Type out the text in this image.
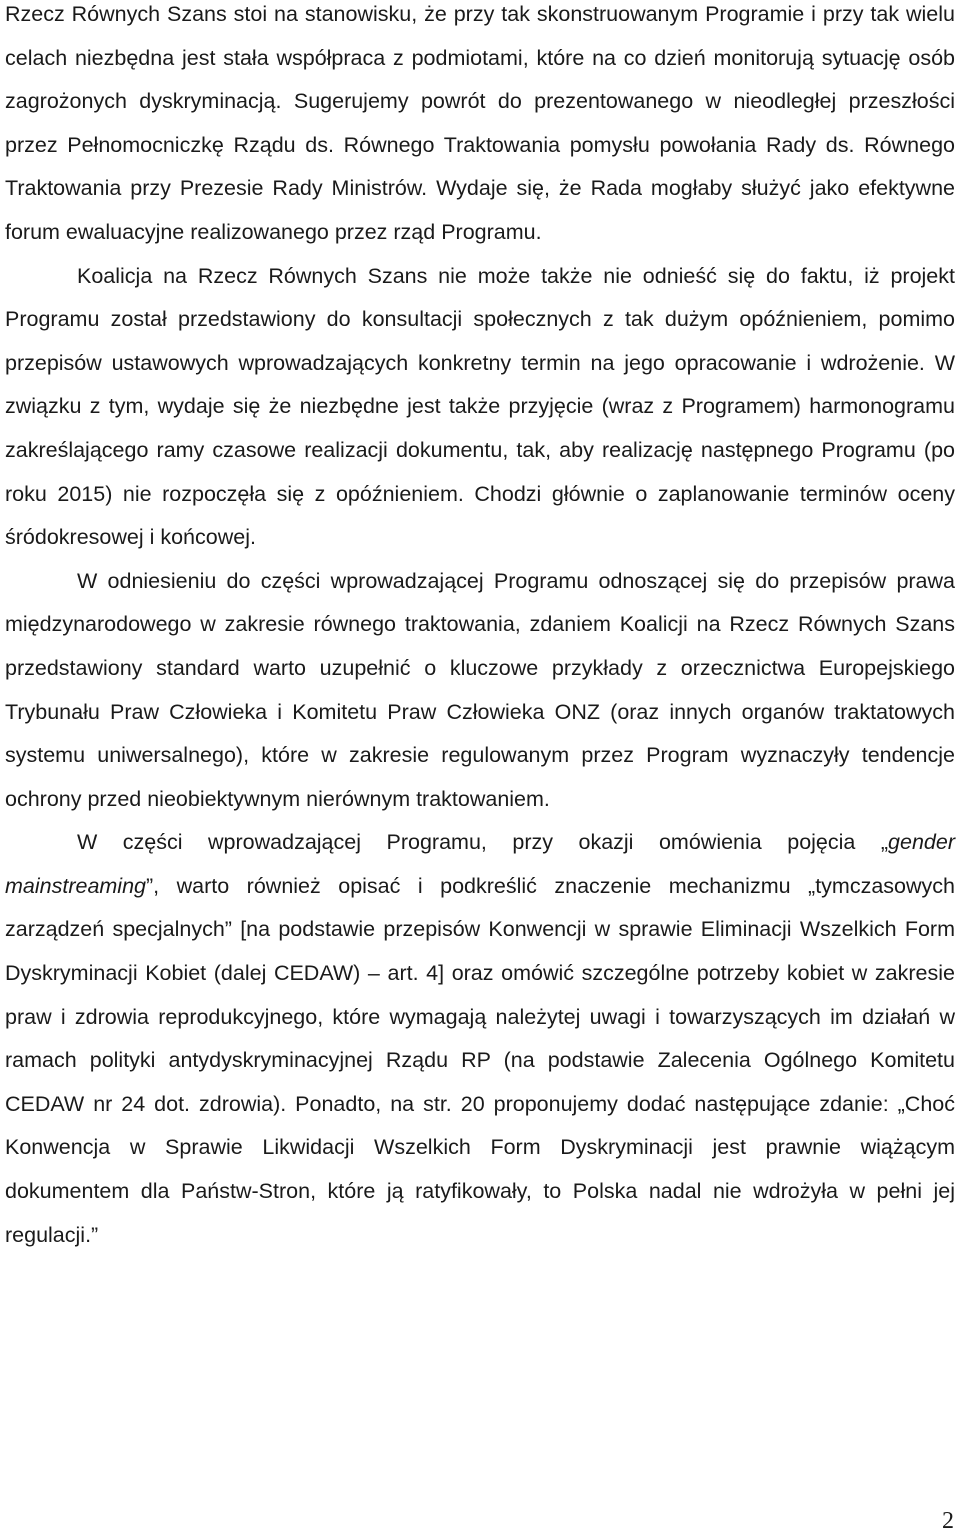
Rzecz Równych Szans stoi na stanowisku, że przy tak skonstruowanym Programie i przy tak wielu celach niezbędna jest stała współpraca z podmiotami, które na co dzień monitorują sytuację osób zagrożonych dyskryminacją. Sugerujemy powrót do prezentowanego w nieodległej przeszłości przez Pełnomocniczkę Rządu ds. Równego Traktowania pomysłu powołania Rady ds. Równego Traktowania przy Prezesie Rady Ministrów. Wydaje się, że Rada mogłaby służyć jako efektywne forum ewaluacyjne realizowanego przez rząd Programu.

Koalicja na Rzecz Równych Szans nie może także nie odnieść się do faktu, iż projekt Programu został przedstawiony do konsultacji społecznych z tak dużym opóźnieniem, pomimo przepisów ustawowych wprowadzających konkretny termin na jego opracowanie i wdrożenie. W związku z tym, wydaje się że niezbędne jest także przyjęcie (wraz z Programem) harmonogramu zakreślającego ramy czasowe realizacji dokumentu, tak, aby realizację następnego Programu (po roku 2015) nie rozpoczęła się z opóźnieniem. Chodzi głównie o zaplanowanie terminów oceny śródokresowej i końcowej.

W odniesieniu do części wprowadzającej Programu odnoszącej się do przepisów prawa międzynarodowego w zakresie równego traktowania, zdaniem Koalicji na Rzecz Równych Szans przedstawiony standard warto uzupełnić o kluczowe przykłady z orzecznictwa Europejskiego Trybunału Praw Człowieka i Komitetu Praw Człowieka ONZ (oraz innych organów traktatowych systemu uniwersalnego), które w zakresie regulowanym przez Program wyznaczyły tendencje ochrony przed nieobiektywnym nierównym traktowaniem.

W części wprowadzającej Programu, przy okazji omówienia pojęcia „gender mainstreaming”, warto również opisać i podkreślić znaczenie mechanizmu „tymczasowych zarządzeń specjalnych” [na podstawie przepisów Konwencji w sprawie Eliminacji Wszelkich Form Dyskryminacji Kobiet (dalej CEDAW) – art. 4] oraz omówić szczególne potrzeby kobiet w zakresie praw i zdrowia reprodukcyjnego, które wymagają należytej uwagi i towarzyszących im działań w ramach polityki antydyskryminacyjnej Rządu RP (na podstawie Zalecenia Ogólnego Komitetu CEDAW nr 24 dot. zdrowia). Ponadto, na str. 20 proponujemy dodać następujące zdanie: „Choć Konwencja w Sprawie Likwidacji Wszelkich Form Dyskryminacji jest prawnie wiążącym dokumentem dla Państw-Stron, które ją ratyfikowały, to Polska nadal nie wdrożyła w pełni jej regulacji.”

2
